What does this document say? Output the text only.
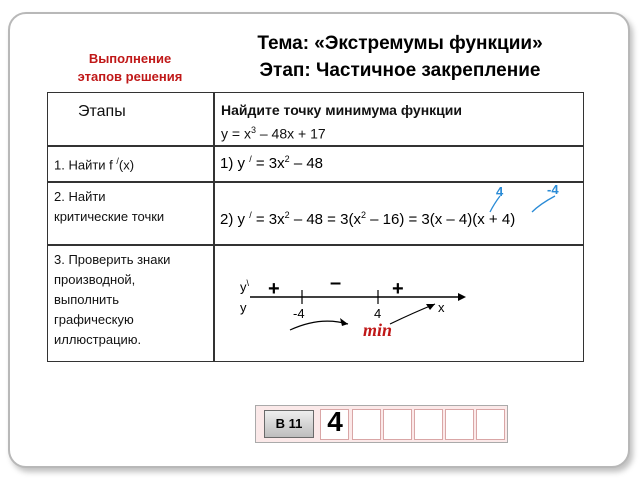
Выполнение
этапов решения
Тема: «Экстремумы функции»
Этап: Частичное закрепление
Этапы	Найдите точку минимума функции
$y = x^3 - 48x + 17$
1. Найти f /(x)	1) y $^/ = 3x^2 - 48$
2. Найти
критические точки	2) y $^/ = 3x^2 - 48 = 3(x^2 - 16) = 3(x - 4)(x + 4)$
4	-4
3. Проверить знаки
производной,
выполнить
графическую
иллюстрацию.
y\
y
+	–	+
-4	4	x
min
В 11 4
